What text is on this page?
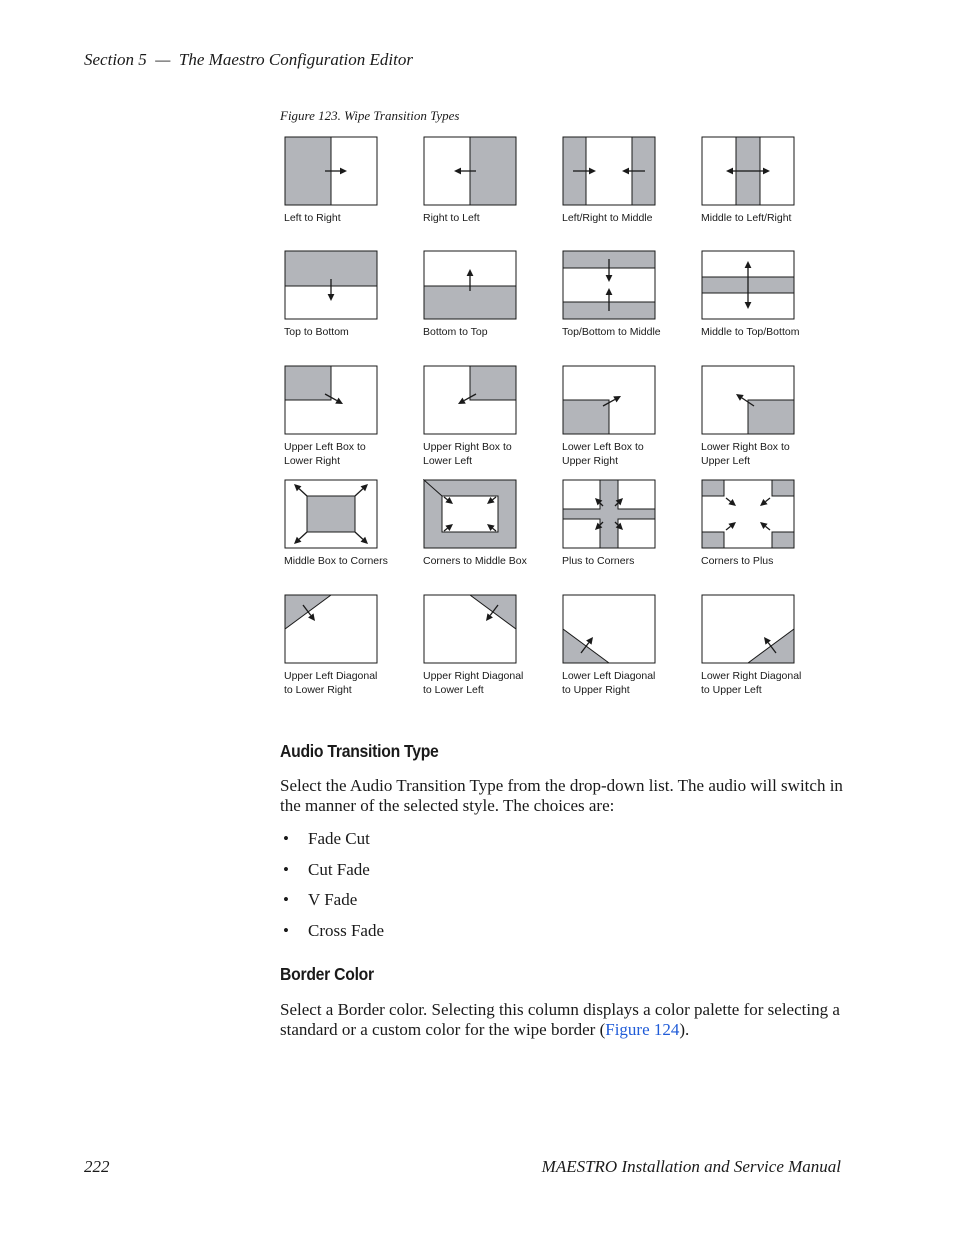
Section 5  —  The Maestro Configuration Editor
Figure 123. Wipe Transition Types
Left to Right	Right to Left	Left/Right to Middle	Middle to Left/Right
Top to Bottom	Bottom to Top	Top/Bottom to Middle	Middle to Top/Bottom
Upper Left Box to
Lower Right
Upper Right Box to
Lower Left
Lower Left Box to
Upper Right
Lower Right Box to
Upper Left
Middle Box to Corners	Corners to Middle Box	Plus to Corners	Corners to Plus
Upper Left Diagonal
to Lower Right
Upper Right Diagonal
to Lower Left
Lower Left Diagonal
to Upper Right
Lower Right Diagonal
to Upper Left
Audio Transition Type

Select the Audio Transition Type from the drop-down list. The audio will switch in the manner of the selected style. The choices are:

• Fade Cut
• Cut Fade
• V Fade
• Cross Fade
Border Color

Select a Border color. Selecting this column displays a color palette for selecting a standard or a custom color for the wipe border (Figure 124).

222	MAESTRO Installation and Service Manual
